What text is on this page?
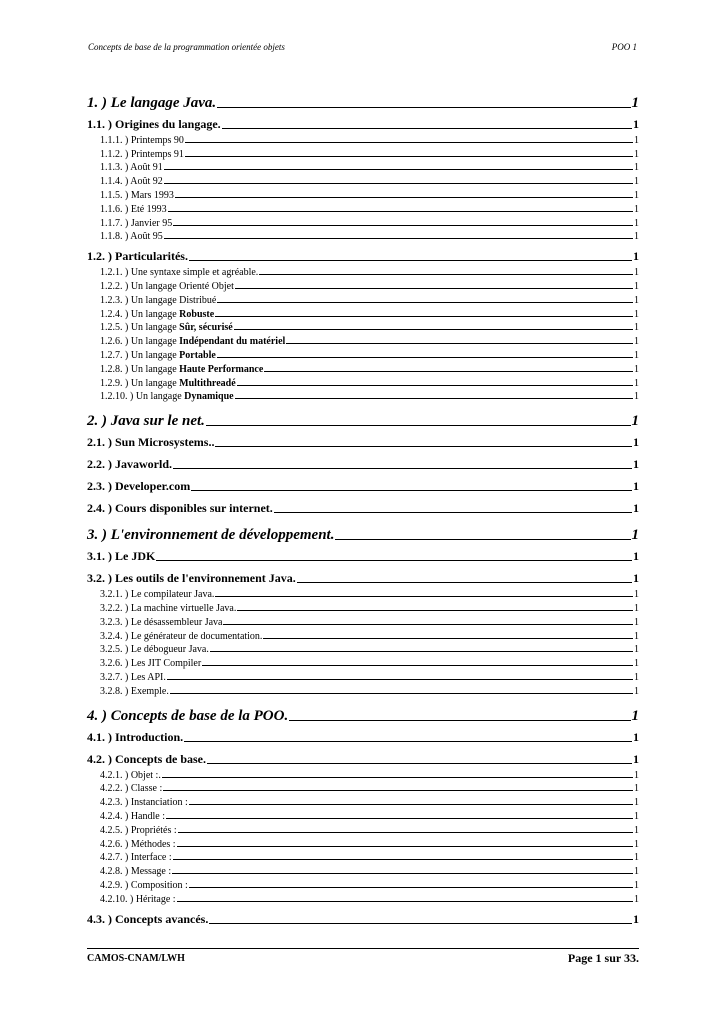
Concepts de base de la programmation orientée objets	POO 1
1. ) Le langage Java.	1
1.1. ) Origines du langage.	1
1.1.1. ) Printemps 90	1
1.1.2. ) Printemps 91	1
1.1.3. ) Août 91	1
1.1.4. ) Août 92	1
1.1.5. ) Mars 1993	1
1.1.6. ) Eté 1993	1
1.1.7. ) Janvier 95	1
1.1.8. ) Août 95	1
1.2. ) Particularités.	1
1.2.1. ) Une syntaxe simple et agréable.	1
1.2.2. ) Un langage Orienté Objet	1
1.2.3. ) Un langage Distribué	1
1.2.4. ) Un langage Robuste	1
1.2.5. ) Un langage Sûr, sécurisé	1
1.2.6. ) Un langage Indépendant du matériel	1
1.2.7. ) Un langage Portable	1
1.2.8. ) Un langage Haute Performance	1
1.2.9. ) Un langage Multithreadé	1
1.2.10. ) Un langage Dynamique	1
2. ) Java sur le net.	1
2.1. ) Sun Microsystems..	1
2.2. ) Javaworld.	1
2.3. ) Developer.com	1
2.4. ) Cours disponibles sur internet.	1
3. ) L'environnement de développement.	1
3.1. ) Le JDK	1
3.2. ) Les outils de l'environnement Java.	1
3.2.1. ) Le compilateur Java.	1
3.2.2. ) La machine virtuelle Java.	1
3.2.3. ) Le désassembleur Java	1
3.2.4. ) Le générateur de documentation.	1
3.2.5. ) Le débogueur Java.	1
3.2.6. ) Les JIT Compiler	1
3.2.7. ) Les API.	1
3.2.8. ) Exemple.	1
4. ) Concepts de base de la POO.	1
4.1. ) Introduction.	1
4.2. ) Concepts de base.	1
4.2.1. ) Objet :.	1
4.2.2. ) Classe :	1
4.2.3. ) Instanciation :	1
4.2.4. ) Handle :	1
4.2.5. ) Propriétés :	1
4.2.6. ) Méthodes :	1
4.2.7. ) Interface :	1
4.2.8. ) Message :	1
4.2.9. ) Composition :	1
4.2.10. ) Héritage :	1
4.3. ) Concepts avancés.	1
CAMOS-CNAM/LWH	Page 1 sur 33.
